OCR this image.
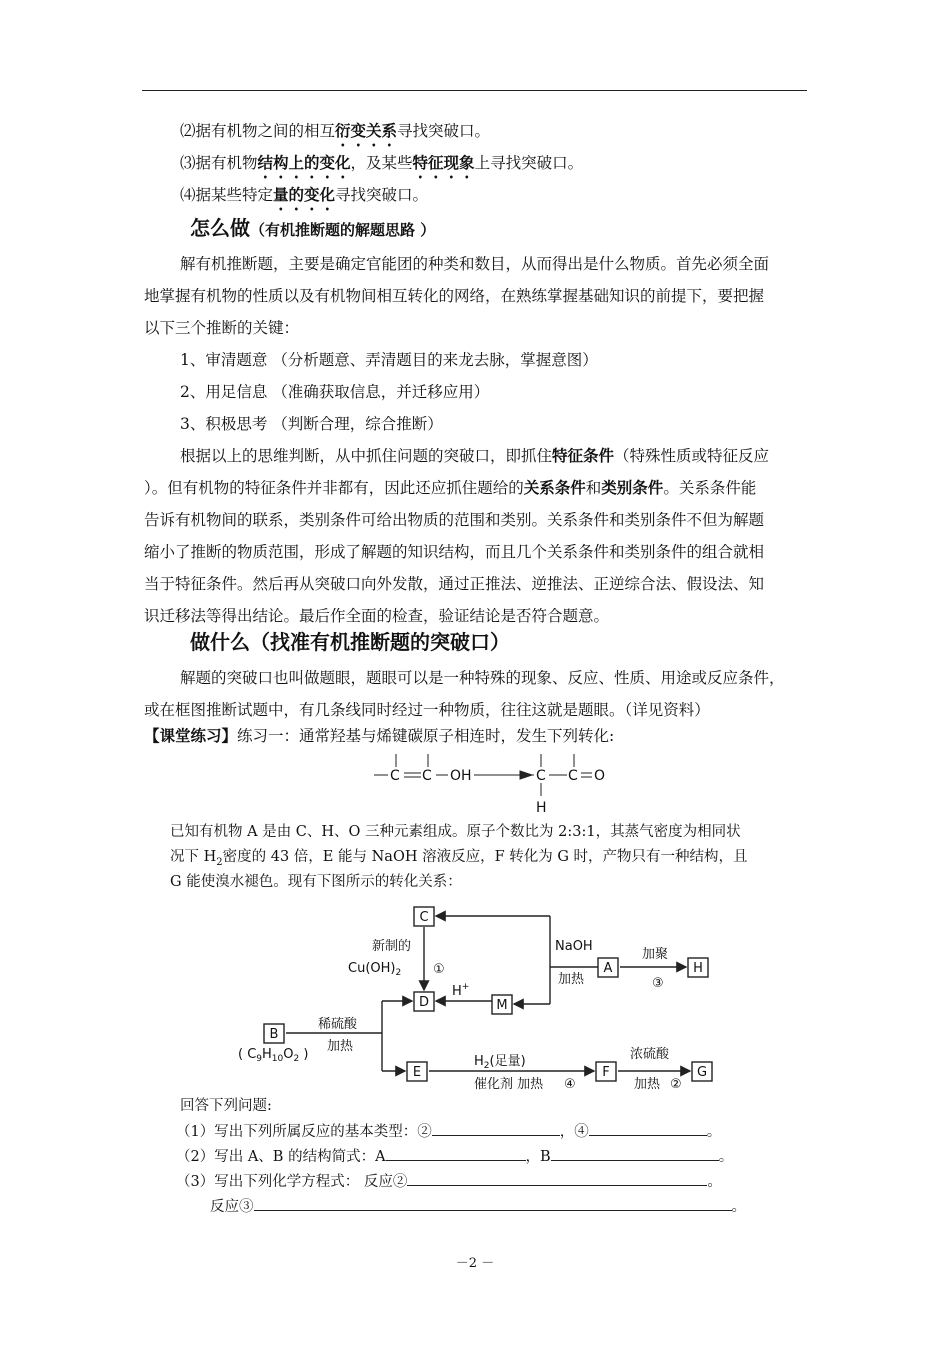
⑵据有机物之间的相互衍变关系寻找突破口。
⑶据有机物结构上的变化，及某些特征现象上寻找突破口。
⑷据某些特定量的变化寻找突破口。
怎么做（有机推断题的解题思路 ）
解有机推断题，主要是确定官能团的种类和数目，从而得出是什么物质。首先必须全面
地掌握有机物的性质以及有机物间相互转化的网络，在熟练掌握基础知识的前提下，要把握
以下三个推断的关键：
1、审清题意 （分析题意、弄清题目的来龙去脉，掌握意图）
2、用足信息 （准确获取信息，并迁移应用）
3、积极思考 （判断合理，综合推断）
根据以上的思维判断，从中抓住问题的突破口，即抓住特征条件（特殊性质或特征反应
）。但有机物的特征条件并非都有，因此还应抓住题给的关系条件和类别条件。关系条件能
告诉有机物间的联系，类别条件可给出物质的范围和类别。关系条件和类别条件不但为解题
缩小了推断的物质范围，形成了解题的知识结构，而且几个关系条件和类别条件的组合就相
当于特征条件。然后再从突破口向外发散，通过正推法、逆推法、正逆综合法、假设法、知
识迁移法等得出结论。最后作全面的检查，验证结论是否符合题意。
做什么（找准有机推断题的突破口）
解题的突破口也叫做题眼，题眼可以是一种特殊的现象、反应、性质、用途或反应条件，
或在框图推断试题中，有几条线同时经过一种物质，往往这就是题眼。（详见资料）
【课堂练习】练习一：通常羟基与烯键碳原子相连时，发生下列转化:
C C OH	C C O
H
已知有机物 A 是由 C、H、O 三种元素组成。原子个数比为 2:3:1，其蒸气密度为相同状
况下 $H_2$密度的 43 倍，E 能与 NaOH 溶液反应，F 转化为 G 时，产物只有一种结构，且
G 能使溴水褪色。现有下图所示的转化关系：
C
A	H
D	M
B
E	F	G
新制的
$Cu(OH)_2$ ①
NaOH
加热
加聚
③
H+
稀硫酸
加热
( $C_9H_{10}O_2$ )	$H_2$(足量)
催化剂 加热 ④
浓硫酸
加热 ②
回答下列问题:
（1）写出下列所属反应的基本类型：②	，④	。
（2）写出 A、B 的结构简式：A	，B	。
（3）写出下列化学方程式： 反应②	。
反应③	。
－2 －
